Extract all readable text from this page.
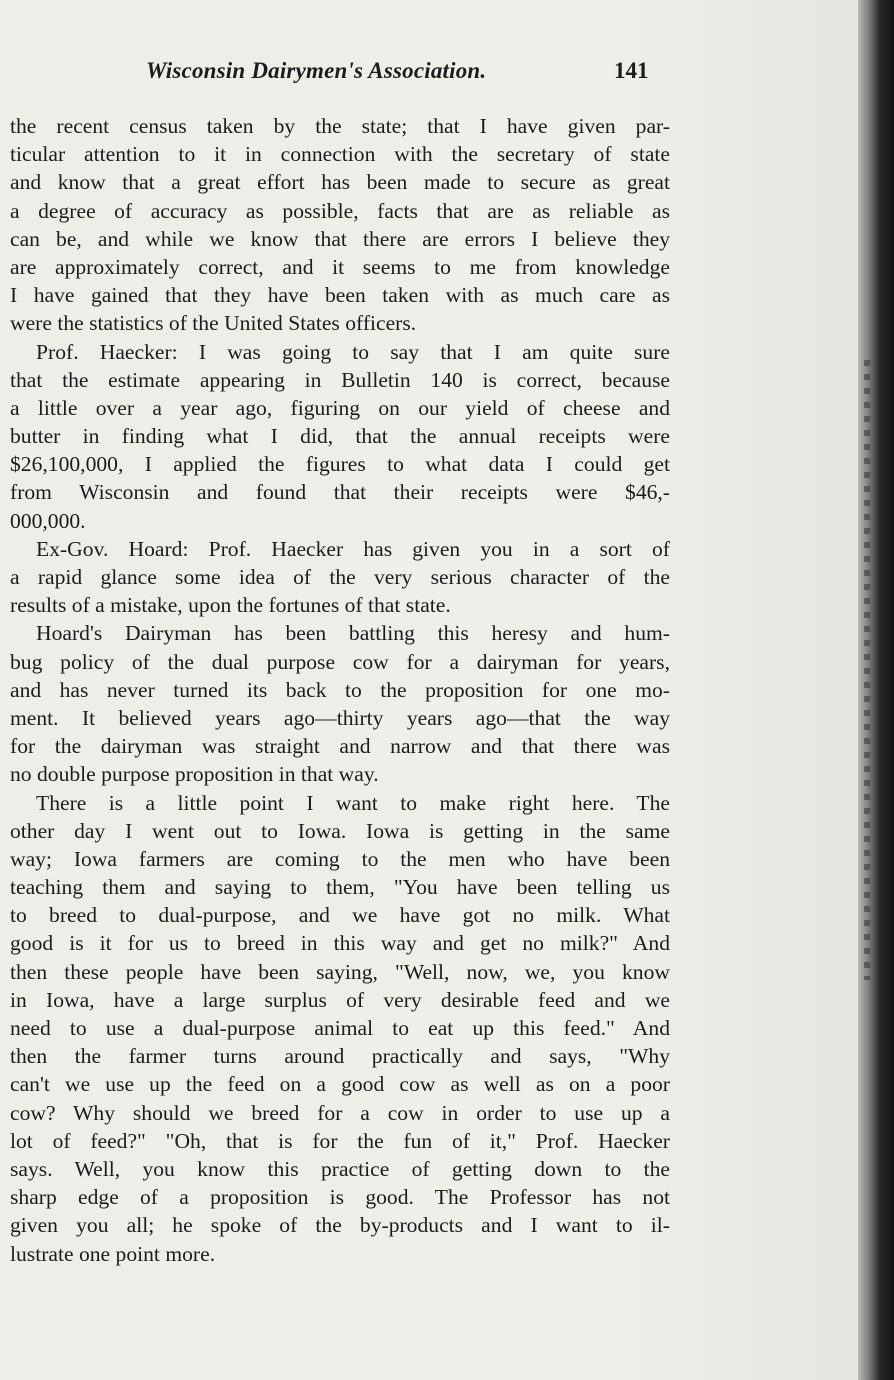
Wisconsin Dairymen's Association.	141
the recent census taken by the state; that I have given par-
ticular attention to it in connection with the secretary of state
and know that a great effort has been made to secure as great
a degree of accuracy as possible, facts that are as reliable as
can be, and while we know that there are errors I believe they
are approximately correct, and it seems to me from knowledge
I have gained that they have been taken with as much care as
were the statistics of the United States officers.
Prof. Haecker: I was going to say that I am quite sure
that the estimate appearing in Bulletin 140 is correct, because
a little over a year ago, figuring on our yield of cheese and
butter in finding what I did, that the annual receipts were
$26,100,000, I applied the figures to what data I could get
from Wisconsin and found that their receipts were $46,-
000,000.
Ex-Gov. Hoard: Prof. Haecker has given you in a sort of
a rapid glance some idea of the very serious character of the
results of a mistake, upon the fortunes of that state.
Hoard's Dairyman has been battling this heresy and hum-
bug policy of the dual purpose cow for a dairyman for years,
and has never turned its back to the proposition for one mo-
ment. It believed years ago—thirty years ago—that the way
for the dairyman was straight and narrow and that there was
no double purpose proposition in that way.
There is a little point I want to make right here. The
other day I went out to Iowa. Iowa is getting in the same
way; Iowa farmers are coming to the men who have been
teaching them and saying to them, "You have been telling us
to breed to dual-purpose, and we have got no milk. What
good is it for us to breed in this way and get no milk?" And
then these people have been saying, "Well, now, we, you know
in Iowa, have a large surplus of very desirable feed and we
need to use a dual-purpose animal to eat up this feed." And
then the farmer turns around practically and says, "Why
can't we use up the feed on a good cow as well as on a poor
cow? Why should we breed for a cow in order to use up a
lot of feed?" "Oh, that is for the fun of it," Prof. Haecker
says. Well, you know this practice of getting down to the
sharp edge of a proposition is good. The Professor has not
given you all; he spoke of the by-products and I want to il-
lustrate one point more.
